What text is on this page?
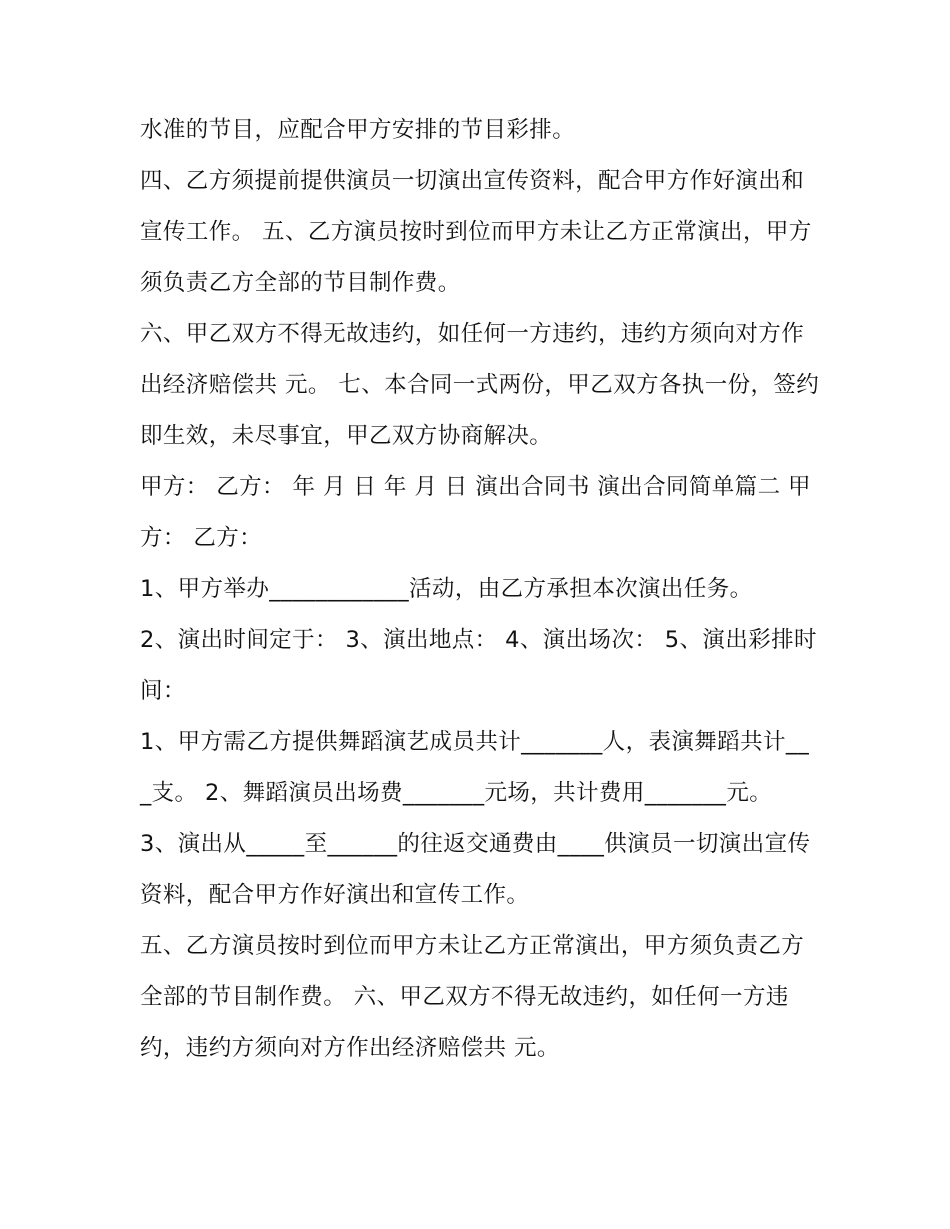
水准的节目，应配合甲方安排的节目彩排。

四、乙方须提前提供演员一切演出宣传资料，配合甲方作好演出和宣传工作。 五、乙方演员按时到位而甲方未让乙方正常演出，甲方须负责乙方全部的节目制作费。

六、甲乙双方不得无故违约，如任何一方违约，违约方须向对方作出经济赔偿共 元。 七、本合同一式两份，甲乙双方各执一份，签约即生效，未尽事宜，甲乙双方协商解决。

甲方： 乙方： 年 月 日 年 月 日 演出合同书 演出合同简单篇二 甲方： 乙方：

1、甲方举办____________活动，由乙方承担本次演出任务。

2、演出时间定于： 3、演出地点： 4、演出场次： 5、演出彩排时间：

1、甲方需乙方提供舞蹈演艺成员共计_______人，表演舞蹈共计___支。 2、舞蹈演员出场费_______元场，共计费用_______元。

3、演出从_____至______的往返交通费由____供演员一切演出宣传资料，配合甲方作好演出和宣传工作。

五、乙方演员按时到位而甲方未让乙方正常演出，甲方须负责乙方全部的节目制作费。 六、甲乙双方不得无故违约，如任何一方违约，违约方须向对方作出经济赔偿共 元。
